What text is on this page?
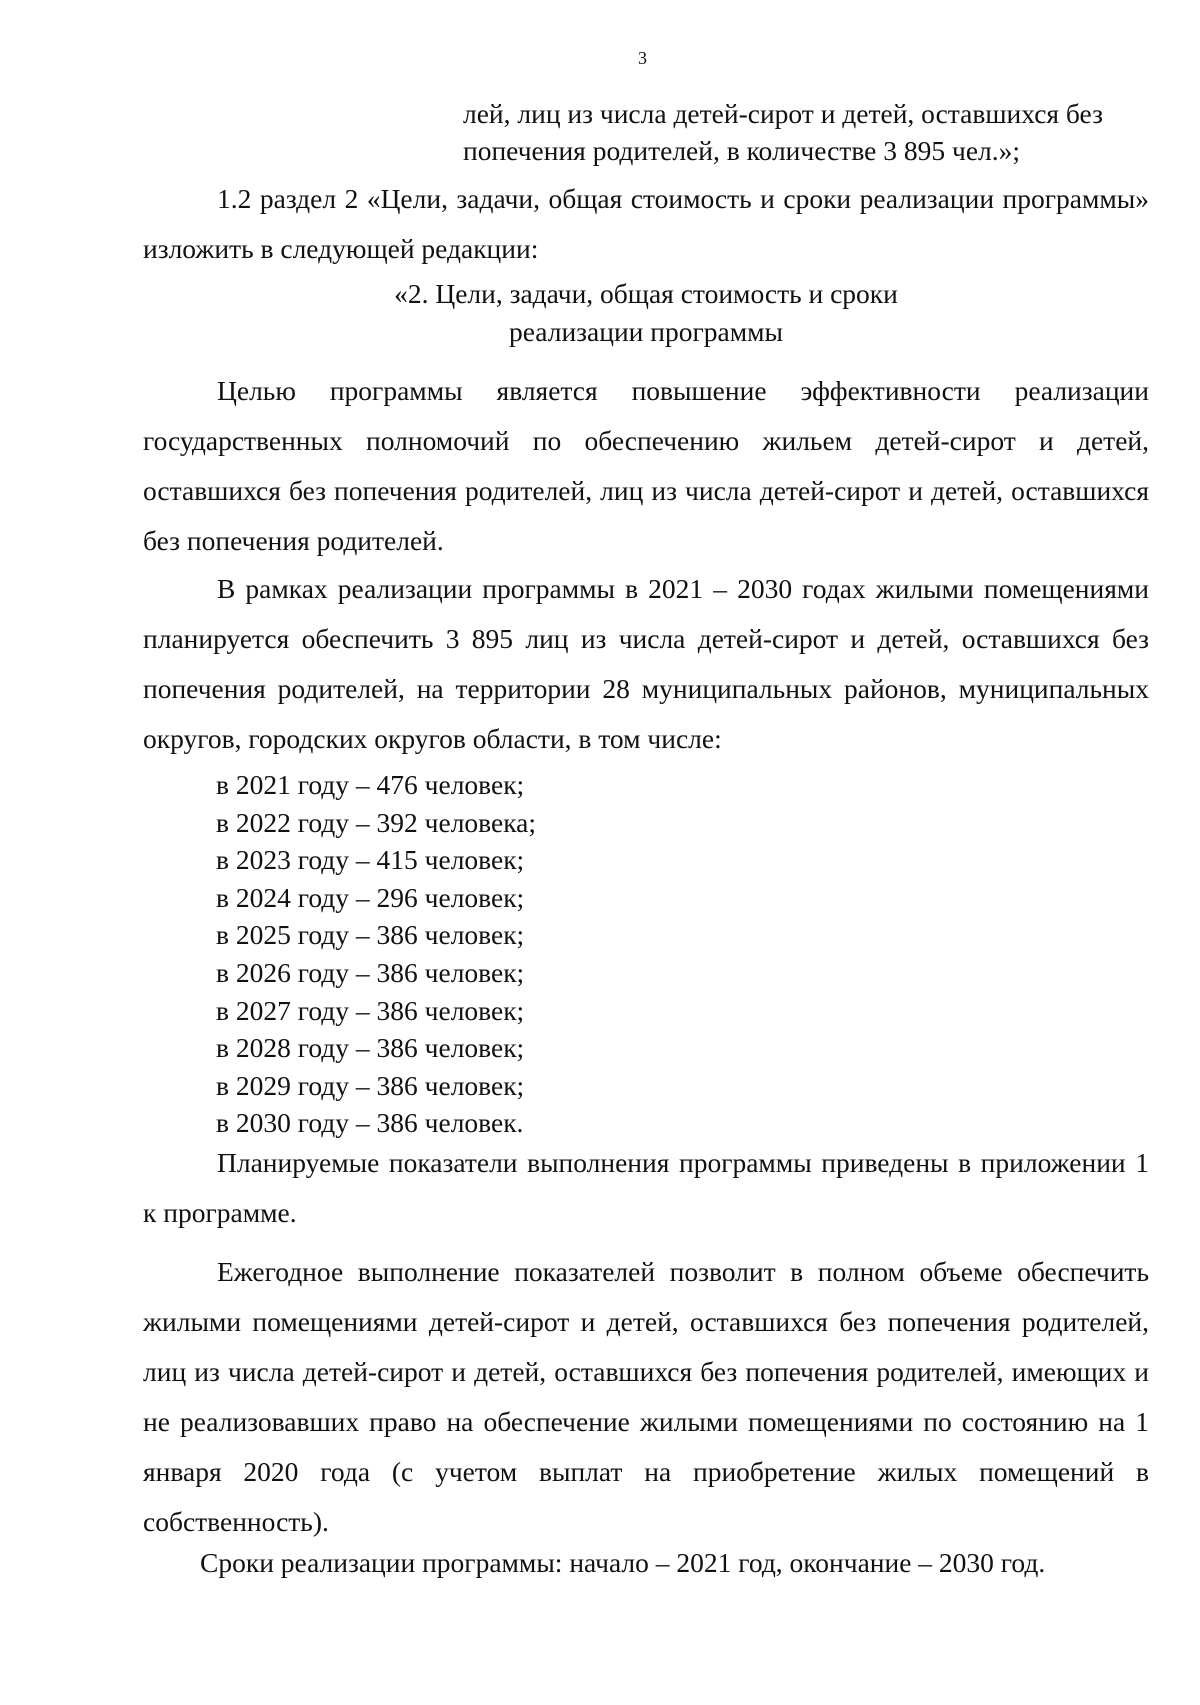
3
лей, лиц из числа детей-сирот и детей, оставшихся без
попечения родителей, в количестве 3 895 чел.»;

1.2 раздел 2 «Цели, задачи, общая стоимость и сроки реализации программы» изложить в следующей редакции:

«2. Цели, задачи, общая стоимость и сроки
реализации программы

Целью программы является повышение эффективности реализации государственных полномочий по обеспечению жильем детей-сирот и детей, оставшихся без попечения родителей, лиц из числа детей-сирот и детей, оставшихся без попечения родителей.

В рамках реализации программы в 2021 – 2030 годах жилыми помещениями планируется обеспечить 3 895 лиц из числа детей-сирот и детей, оставшихся без попечения родителей, на территории 28 муниципальных районов, муниципальных округов, городских округов области, в том числе:

в 2021 году – 476 человек;
в 2022 году – 392 человека;
в 2023 году – 415 человек;
в 2024 году – 296 человек;
в 2025 году – 386 человек;
в 2026 году – 386 человек;
в 2027 году – 386 человек;
в 2028 году – 386 человек;
в 2029 году – 386 человек;
в 2030 году – 386 человек.

Планируемые показатели выполнения программы приведены в приложении 1 к программе.

Ежегодное выполнение показателей позволит в полном объеме обеспечить жилыми помещениями детей-сирот и детей, оставшихся без попечения родителей, лиц из числа детей-сирот и детей, оставшихся без попечения родителей, имеющих и не реализовавших право на обеспечение жилыми помещениями по состоянию на 1 января 2020 года (с учетом выплат на приобретение жилых помещений в собственность).

Сроки реализации программы: начало – 2021 год, окончание – 2030 год.
